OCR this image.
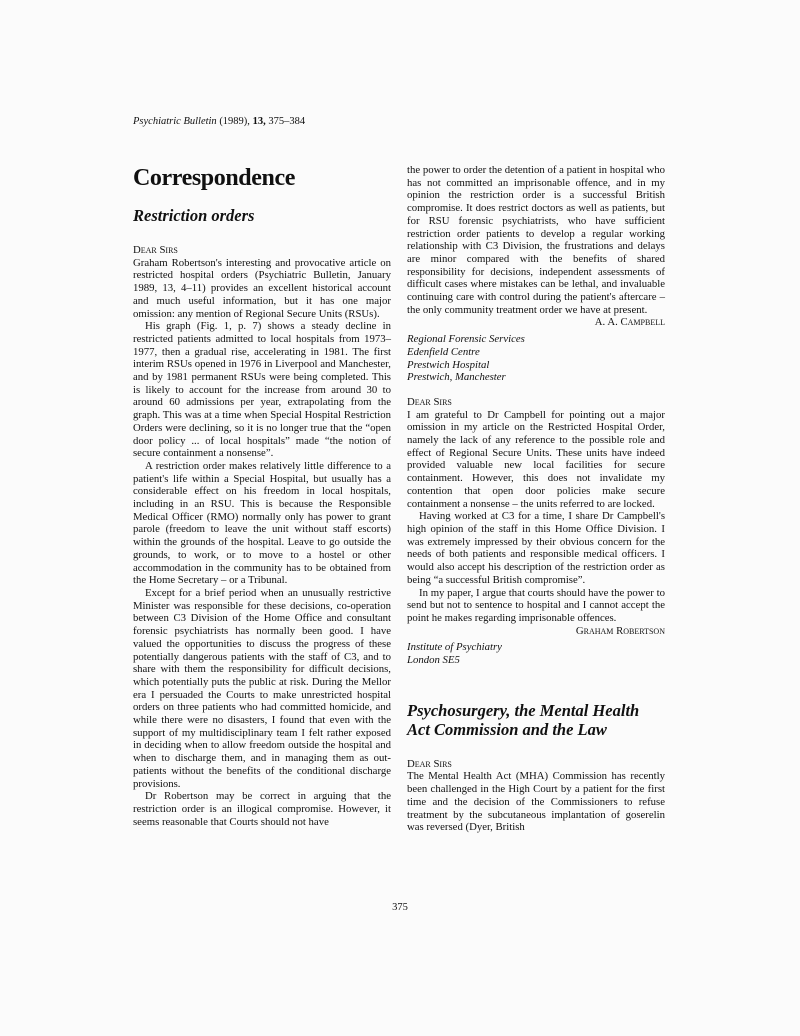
Psychiatric Bulletin (1989), 13, 375–384
Correspondence
Restriction orders
Dear Sirs

Graham Robertson's interesting and provocative article on restricted hospital orders (Psychiatric Bulletin, January 1989, 13, 4–11) provides an excellent historical account and much useful information, but it has one major omission: any mention of Regional Secure Units (RSUs).

His graph (Fig. 1, p. 7) shows a steady decline in restricted patients admitted to local hospitals from 1973–1977, then a gradual rise, accelerating in 1981. The first interim RSUs opened in 1976 in Liverpool and Manchester, and by 1981 permanent RSUs were being completed. This is likely to account for the increase from around 30 to around 60 admissions per year, extrapolating from the graph. This was at a time when Special Hospital Restriction Orders were declining, so it is no longer true that the “open door policy ... of local hospitals” made “the notion of secure containment a nonsense”.

A restriction order makes relatively little difference to a patient's life within a Special Hospital, but usually has a considerable effect on his freedom in local hospitals, including in an RSU. This is because the Responsible Medical Officer (RMO) normally only has power to grant parole (freedom to leave the unit without staff escorts) within the grounds of the hospital. Leave to go outside the grounds, to work, or to move to a hostel or other accommodation in the community has to be obtained from the Home Secretary – or a Tribunal.

Except for a brief period when an unusually restrictive Minister was responsible for these decisions, co-operation between C3 Division of the Home Office and consultant forensic psychiatrists has normally been good. I have valued the opportunities to discuss the progress of these potentially dangerous patients with the staff of C3, and to share with them the responsibility for difficult decisions, which potentially puts the public at risk. During the Mellor era I persuaded the Courts to make unrestricted hospital orders on three patients who had committed homicide, and while there were no disasters, I found that even with the support of my multidisciplinary team I felt rather exposed in deciding when to allow freedom outside the hospital and when to discharge them, and in managing them as out-patients without the benefits of the conditional discharge provisions.

Dr Robertson may be correct in arguing that the restriction order is an illogical compromise. However, it seems reasonable that Courts should not have

the power to order the detention of a patient in hospital who has not committed an imprisonable offence, and in my opinion the restriction order is a successful British compromise. It does restrict doctors as well as patients, but for RSU forensic psychiatrists, who have sufficient restriction order patients to develop a regular working relationship with C3 Division, the frustrations and delays are minor compared with the benefits of shared responsibility for decisions, independent assessments of difficult cases where mistakes can be lethal, and invaluable continuing care with control during the patient's aftercare – the only community treatment order we have at present.

A. A. Campbell
Regional Forensic Services
Edenfield Centre
Prestwich Hospital
Prestwich, Manchester
Dear Sirs

I am grateful to Dr Campbell for pointing out a major omission in my article on the Restricted Hospital Order, namely the lack of any reference to the possible role and effect of Regional Secure Units. These units have indeed provided valuable new local facilities for secure containment. However, this does not invalidate my contention that open door policies make secure containment a nonsense – the units referred to are locked.

Having worked at C3 for a time, I share Dr Campbell's high opinion of the staff in this Home Office Division. I was extremely impressed by their obvious concern for the needs of both patients and responsible medical officers. I would also accept his description of the restriction order as being “a successful British compromise”.

In my paper, I argue that courts should have the power to send but not to sentence to hospital and I cannot accept the point he makes regarding imprisonable offences.

Graham Robertson
Institute of Psychiatry
London SE5
Psychosurgery, the Mental Health Act Commission and the Law
Dear Sirs

The Mental Health Act (MHA) Commission has recently been challenged in the High Court by a patient for the first time and the decision of the Commissioners to refuse treatment by the subcutaneous implantation of goserelin was reversed (Dyer, British

375
